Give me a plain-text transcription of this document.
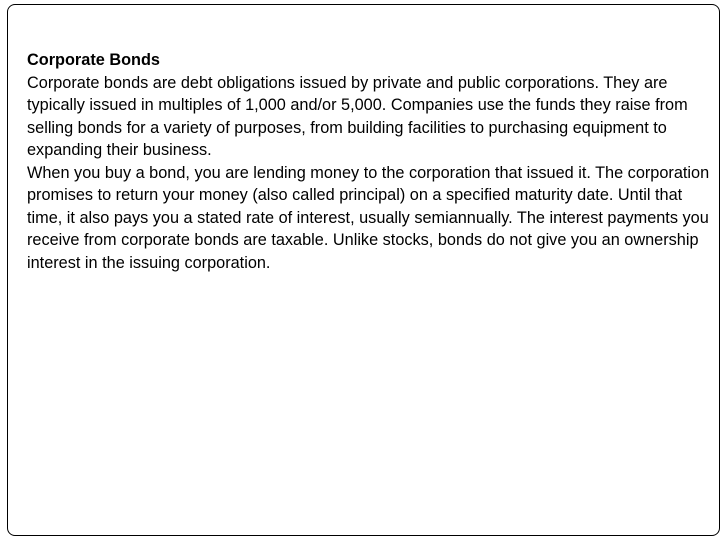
Corporate Bonds

Corporate bonds are debt obligations issued by private and public corporations. They are typically issued in multiples of 1,000 and/or 5,000. Companies use the funds they raise from selling bonds for a variety of purposes, from building facilities to purchasing equipment to expanding their business.

When you buy a bond, you are lending money to the corporation that issued it. The corporation promises to return your money (also called principal) on a specified maturity date. Until that time, it also pays you a stated rate of interest, usually semiannually. The interest payments you receive from corporate bonds are taxable. Unlike stocks, bonds do not give you an ownership interest in the issuing corporation.
